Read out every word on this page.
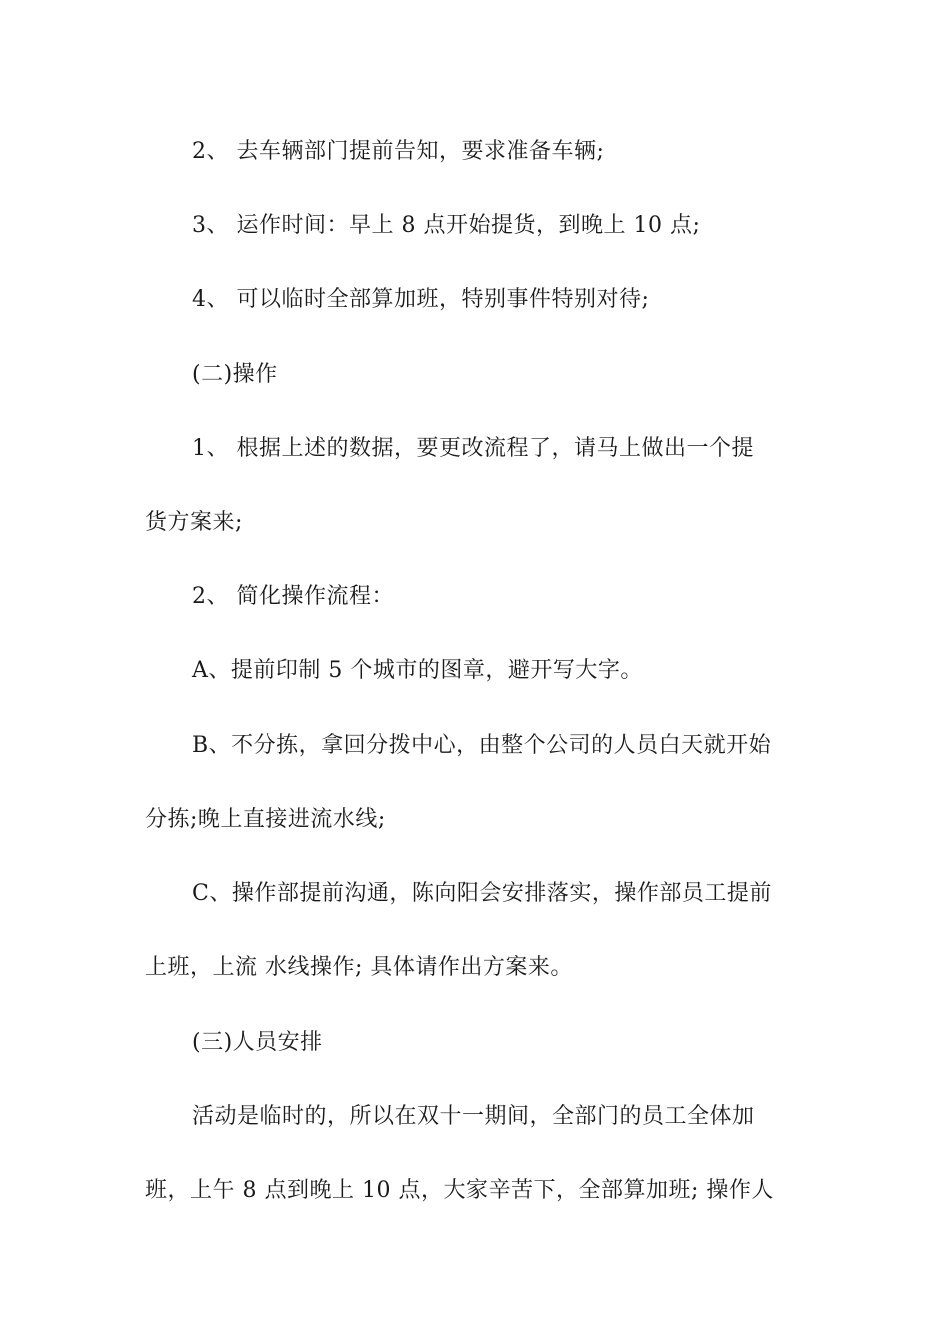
2、 去车辆部门提前告知，要求准备车辆;
3、 运作时间：早上 8 点开始提货，到晚上 10 点;
4、 可以临时全部算加班，特别事件特别对待;
(二)操作
1、 根据上述的数据，要更改流程了，请马上做出一个提
货方案来;
2、 简化操作流程：
A、提前印制 5 个城市的图章，避开写大字。
B、不分拣，拿回分拨中心，由整个公司的人员白天就开始
分拣;晚上直接进流水线;
C、操作部提前沟通，陈向阳会安排落实，操作部员工提前
上班，上流 水线操作; 具体请作出方案来。
(三)人员安排
活动是临时的，所以在双十一期间，全部门的员工全体加
班，上午 8 点到晚上 10 点，大家辛苦下，全部算加班; 操作人
